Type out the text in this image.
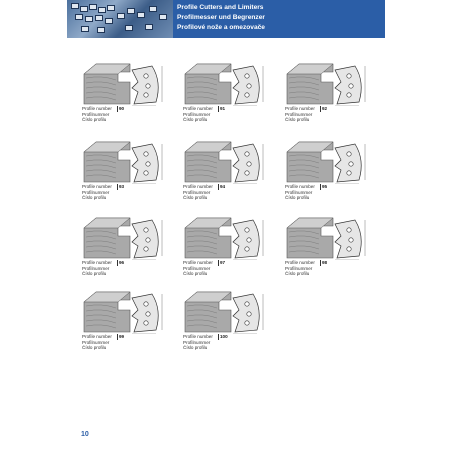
Profile Cutters and Limiters
Profilmesser und Begrenzer
Profilové nože a omezovače
Profile number
Profilnummer
Číslo profilu
90	Profile number
Profilnummer
Číslo profilu
91	Profile number
Profilnummer
Číslo profilu
92
Profile number
Profilnummer
Číslo profilu
93	Profile number
Profilnummer
Číslo profilu
94	Profile number
Profilnummer
Číslo profilu
95
Profile number
Profilnummer
Číslo profilu
96	Profile number
Profilnummer
Číslo profilu
97	Profile number
Profilnummer
Číslo profilu
98
Profile number
Profilnummer
Číslo profilu
99	Profile number
Profilnummer
Číslo profilu
100
10
